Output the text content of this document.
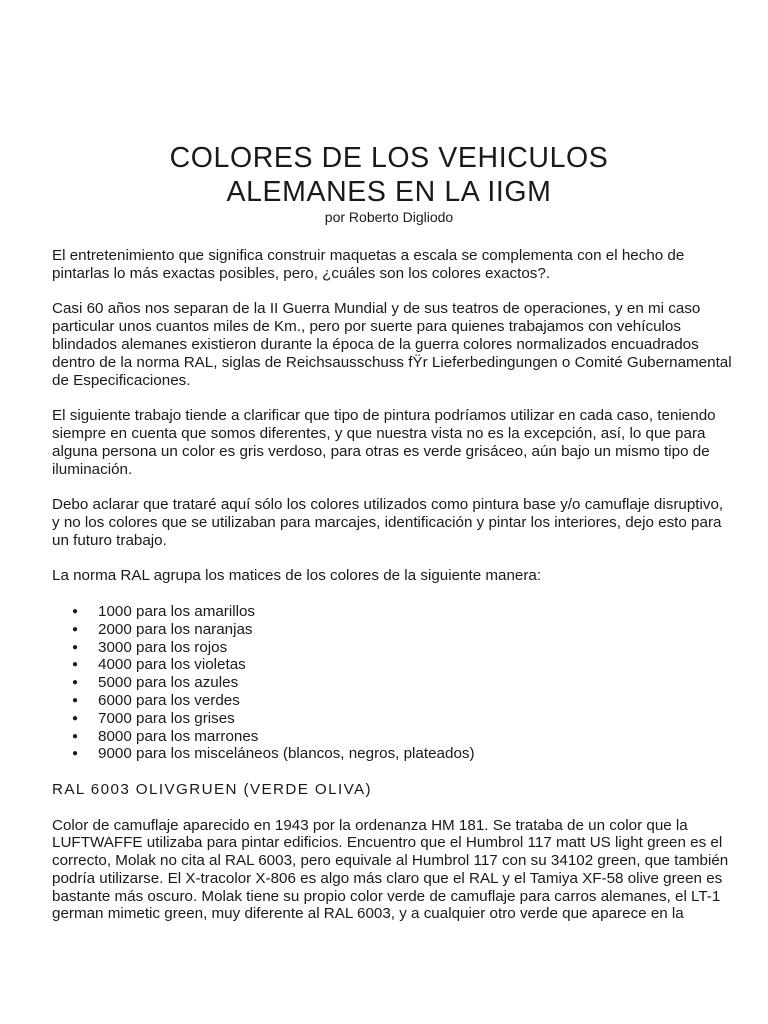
COLORES DE LOS VEHICULOS
ALEMANES EN LA IIGM

por Roberto Digliodo

El entretenimiento que significa construir maquetas a escala se complementa con el hecho de pintarlas lo más exactas posibles, pero, ¿cuáles son los colores exactos?.

Casi 60 años nos separan de la II Guerra Mundial y de sus teatros de operaciones, y en mi caso particular unos cuantos miles de Km., pero por suerte para quienes trabajamos con vehículos blindados alemanes existieron durante la época de la guerra colores normalizados encuadrados dentro de la norma RAL, siglas de Reichsausschuss fŸr Lieferbedingungen o Comité Gubernamental de Especificaciones.

El siguiente trabajo tiende a clarificar que tipo de pintura podríamos utilizar en cada caso, teniendo siempre en cuenta que somos diferentes, y que nuestra vista no es la excepción, así, lo que para alguna persona un color es gris verdoso, para otras es verde grisáceo, aún bajo un mismo tipo de iluminación.

Debo aclarar que trataré aquí sólo los colores utilizados como pintura base y/o camuflaje disruptivo, y no los colores que se utilizaban para marcajes, identificación y pintar los interiores, dejo esto para un futuro trabajo.

La norma RAL agrupa los matices de los colores de la siguiente manera:

● 1000 para los amarillos
● 2000 para los naranjas
● 3000 para los rojos
● 4000 para los violetas
● 5000 para los azules
● 6000 para los verdes
● 7000 para los grises
● 8000 para los marrones
● 9000 para los misceláneos (blancos, negros, plateados)

RAL 6003 OLIVGRUEN (VERDE OLIVA)

Color de camuflaje aparecido en 1943 por la ordenanza HM 181. Se trataba de un color que la LUFTWAFFE utilizaba para pintar edificios. Encuentro que el Humbrol 117 matt US light green es el correcto, Molak no cita al RAL 6003, pero equivale al Humbrol 117 con su 34102 green, que también podría utilizarse. El X-tracolor X-806 es algo más claro que el RAL y el Tamiya XF-58 olive green es bastante más oscuro. Molak tiene su propio color verde de camuflaje para carros alemanes, el LT-1 german mimetic green, muy diferente al RAL 6003, y a cualquier otro verde que aparece en la
